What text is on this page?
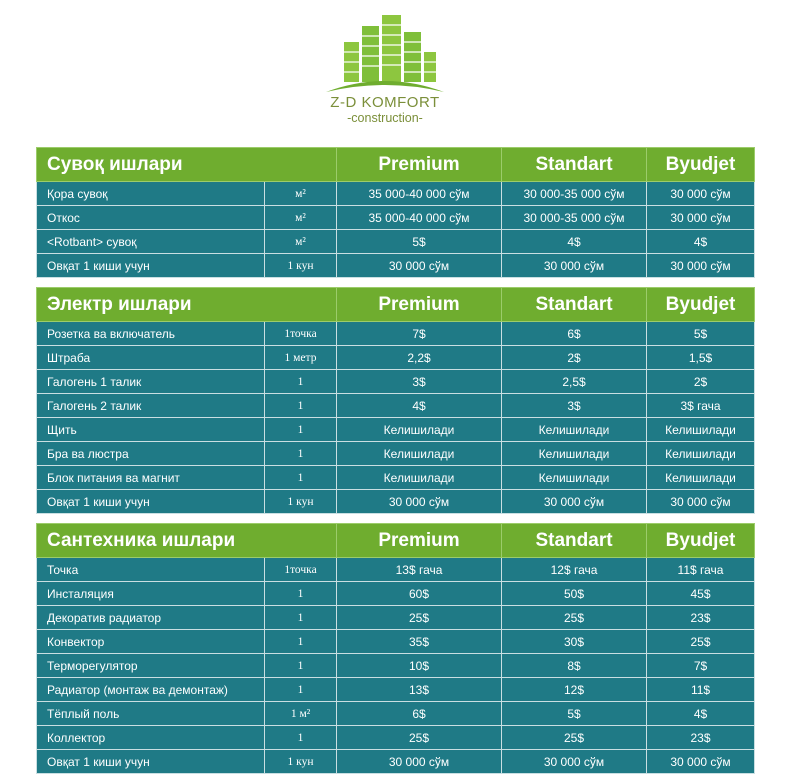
Z-D KOMFORT
-construction-
Сувоқ ишлари		Premium	Standart	Byudjet
Қора сувоқ	м²	35 000-40 000 сўм	30 000-35 000 сўм	30 000 сўм
Откос	м²	35 000-40 000 сўм	30 000-35 000 сўм	30 000 сўм
<Rotbant> сувоқ	м²	5$	4$	4$
Овқат 1 киши учун	1 кун	30 000 сўм	30 000 сўм	30 000 сўм
Электр ишлари		Premium	Standart	Byudjet
Розетка ва включатель	1точка	7$	6$	5$
Штраба	1 метр	2,2$	2$	1,5$
Галогень 1 талик	1	3$	2,5$	2$
Галогень 2 талик	1	4$	3$	3$ гача
Щить	1	Келишилади	Келишилади	Келишилади
Бра ва люстра	1	Келишилади	Келишилади	Келишилади
Блок питания ва магнит	1	Келишилади	Келишилади	Келишилади
Овқат 1 киши учун	1 кун	30 000 сўм	30 000 сўм	30 000 сўм
Сантехника ишлари		Premium	Standart	Byudjet
Точка	1точка	13$ гача	12$ гача	11$ гача
Инсталяция	1	60$	50$	45$
Декоратив радиатор	1	25$	25$	23$
Конвектор	1	35$	30$	25$
Терморегулятор	1	10$	8$	7$
Радиатор (монтаж ва демонтаж)	1	13$	12$	11$
Тёплый поль	1 м²	6$	5$	4$
Коллектор	1	25$	25$	23$
Овқат 1 киши учун	1 кун	30 000 сўм	30 000 сўм	30 000 сўм
